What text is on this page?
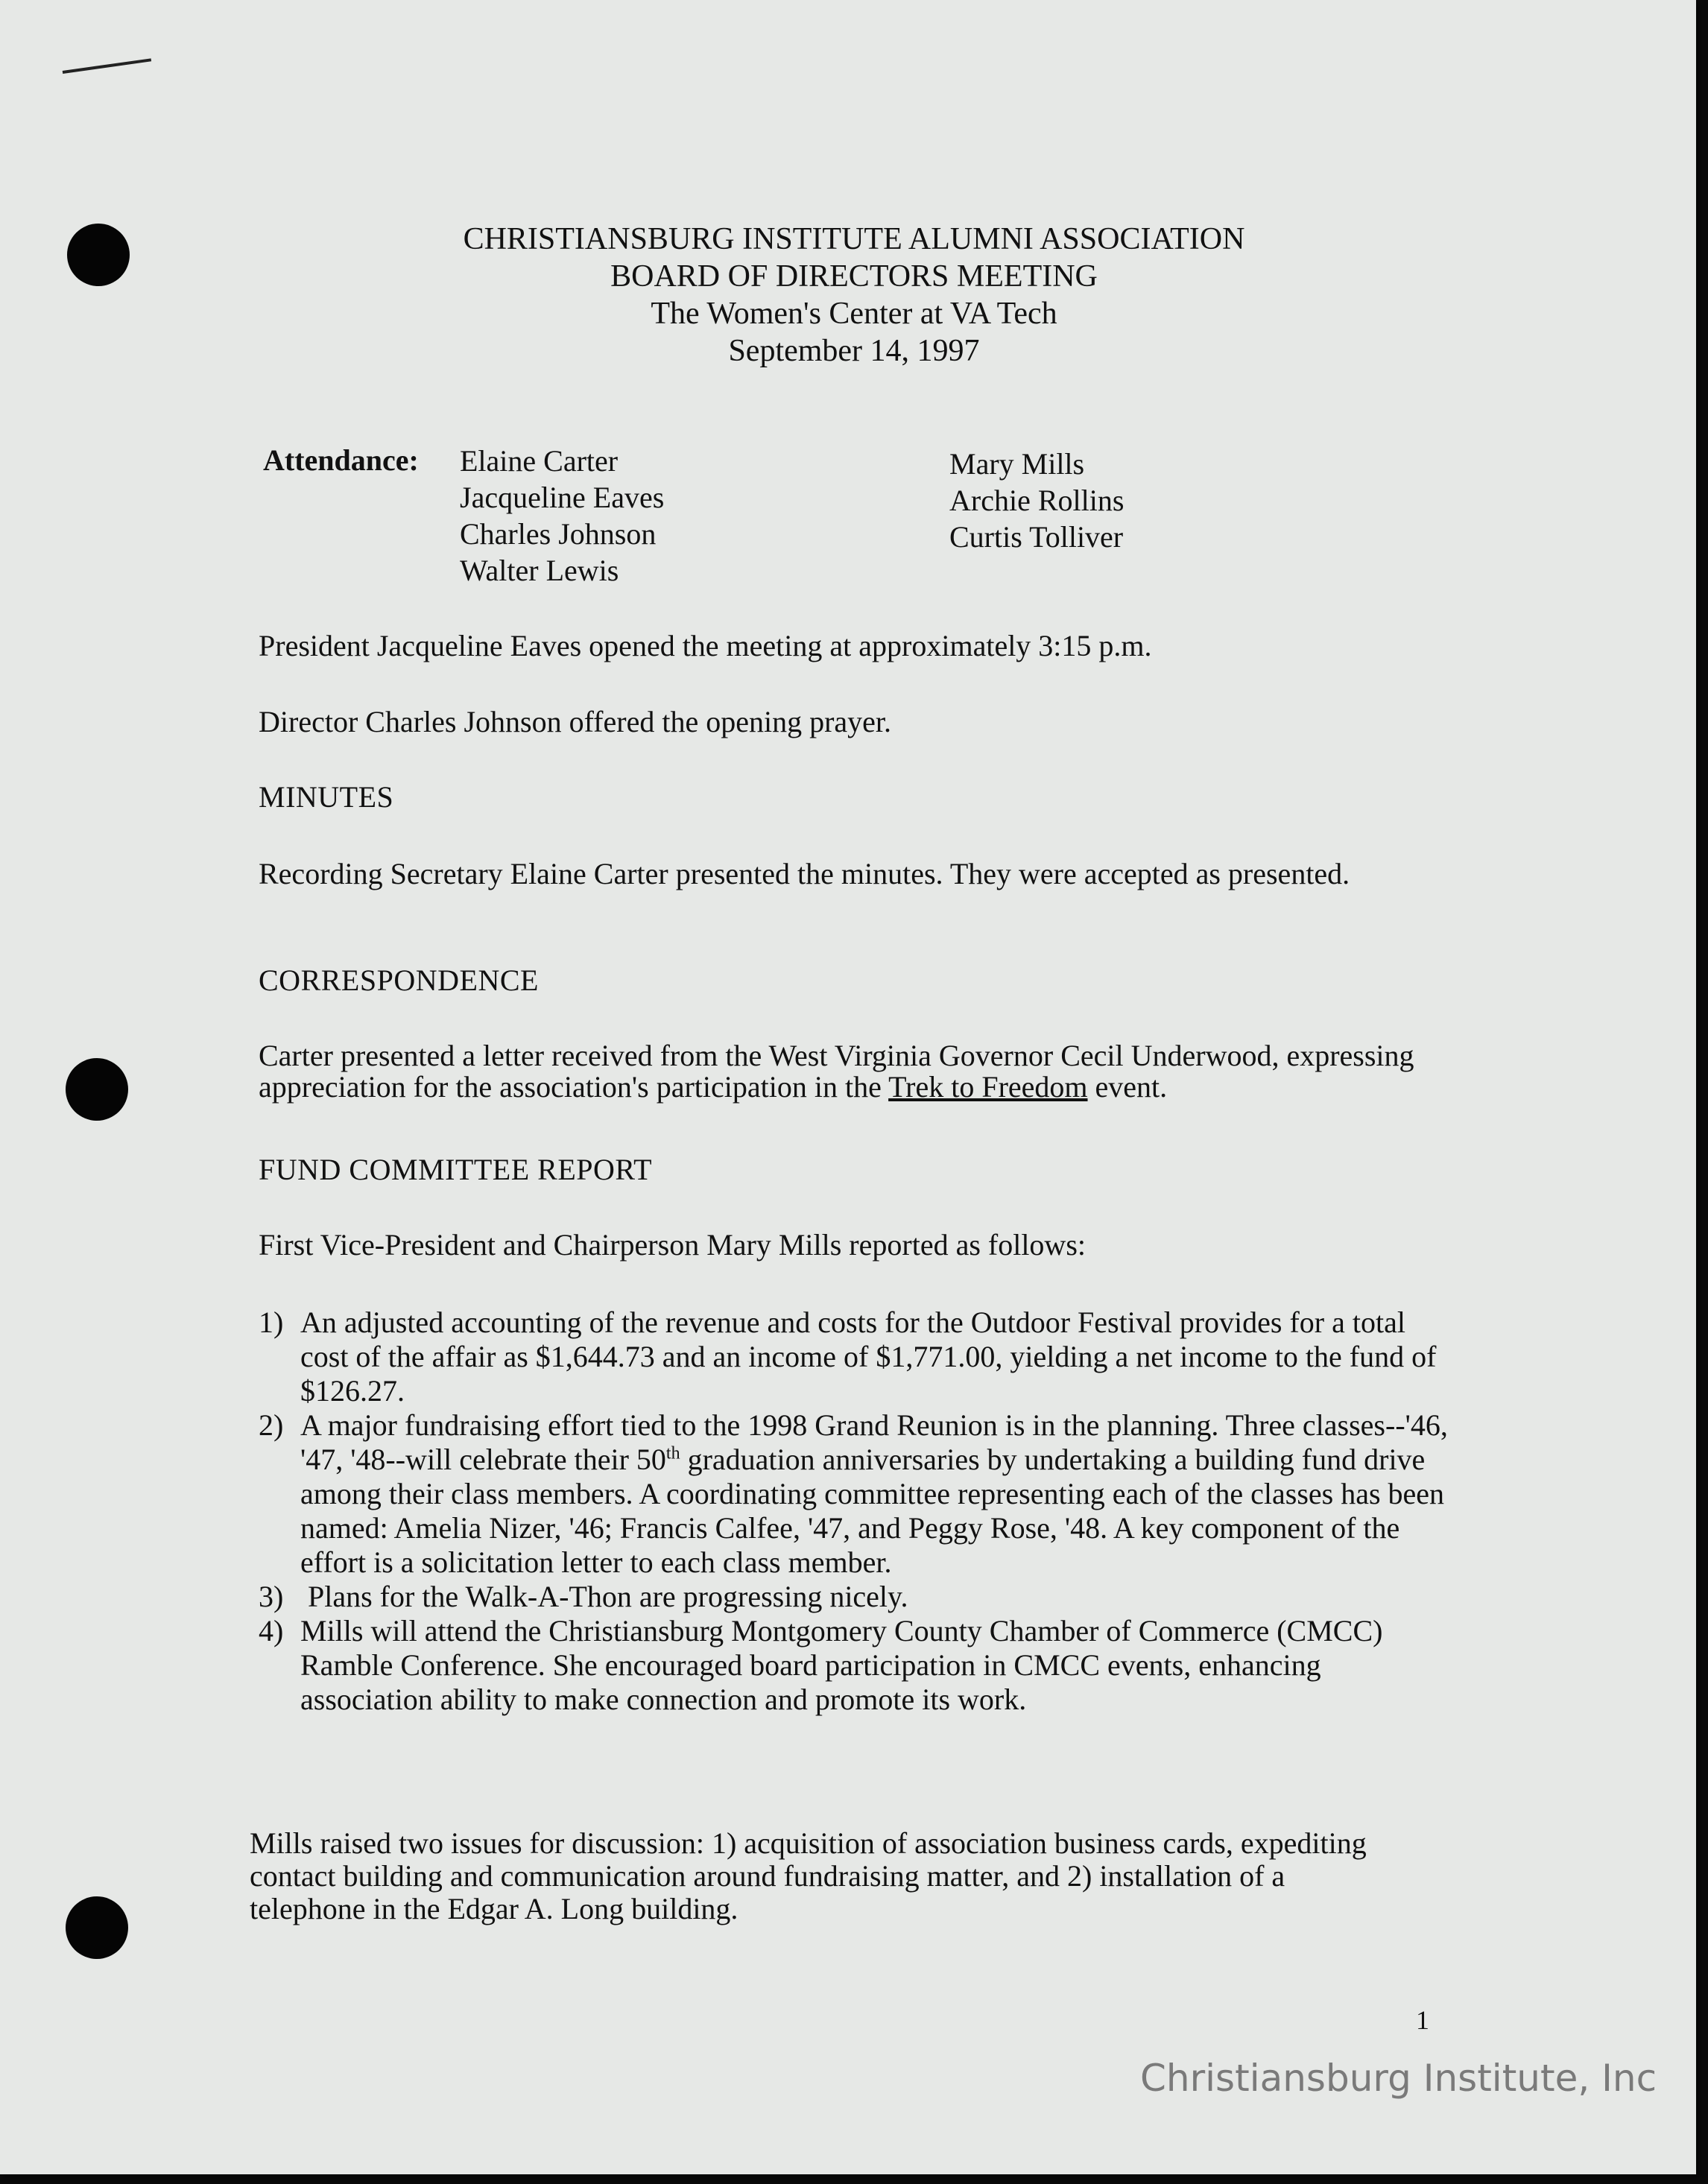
CHRISTIANSBURG INSTITUTE ALUMNI ASSOCIATION
BOARD OF DIRECTORS MEETING
The Women's Center at VA Tech
September 14, 1997
Attendance: Elaine Carter
Jacqueline Eaves
Charles Johnson
Walter Lewis
Mary Mills
Archie Rollins
Curtis Tolliver
President Jacqueline Eaves opened the meeting at approximately 3:15 p.m.
Director Charles Johnson offered the opening prayer.
MINUTES
Recording Secretary Elaine Carter presented the minutes. They were accepted as presented.
CORRESPONDENCE
Carter presented a letter received from the West Virginia Governor Cecil Underwood, expressing appreciation for the association's participation in the Trek to Freedom event.
FUND COMMITTEE REPORT
First Vice-President and Chairperson Mary Mills reported as follows:
1) An adjusted accounting of the revenue and costs for the Outdoor Festival provides for a total cost of the affair as $1,644.73 and an income of $1,771.00, yielding a net income to the fund of $126.27.
2) A major fundraising effort tied to the 1998 Grand Reunion is in the planning. Three classes--'46, '47, '48--will celebrate their 50th graduation anniversaries by undertaking a building fund drive among their class members. A coordinating committee representing each of the classes has been named: Amelia Nizer, '46; Francis Calfee, '47, and Peggy Rose, '48. A key component of the effort is a solicitation letter to each class member.
3) Plans for the Walk-A-Thon are progressing nicely.
4) Mills will attend the Christiansburg Montgomery County Chamber of Commerce (CMCC) Ramble Conference. She encouraged board participation in CMCC events, enhancing association ability to make connection and promote its work.
Mills raised two issues for discussion: 1) acquisition of association business cards, expediting contact building and communication around fundraising matter, and 2) installation of a telephone in the Edgar A. Long building.
1
Christiansburg Institute, Inc
